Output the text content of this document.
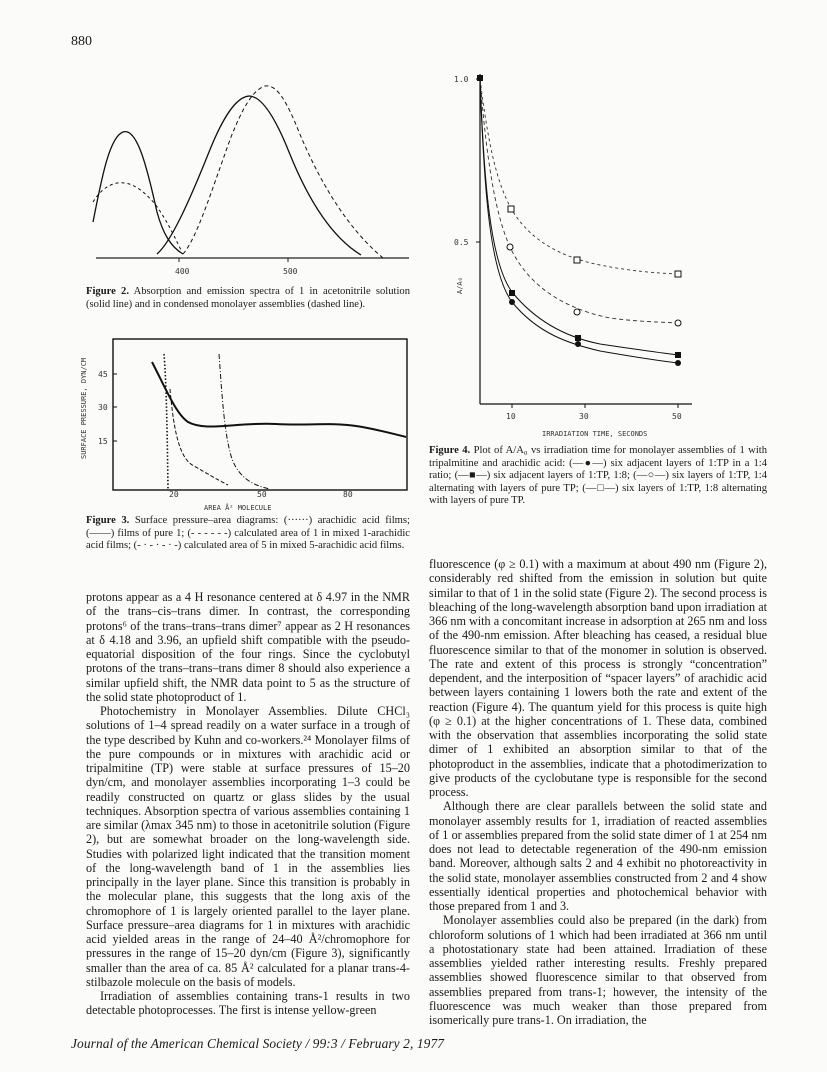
880
400	500
Figure 2. Absorption and emission spectra of 1 in acetonitrile solution (solid line) and in condensed monolayer assemblies (dashed line).
45
30
15
SURFACE PRESSURE, DYN/CM
20	50	80
AREA Å² MOLECULE
Figure 3. Surface pressure–area diagrams: (······) arachidic acid films; (——) films of pure 1; (- - - - - -) calculated area of 1 in mixed 1-arachidic acid films; (- · - · - · -) calculated area of 5 in mixed 5-arachidic acid films.
1.0
0.5
A/A₀
10	30	50
IRRADIATION TIME, SECONDS
Figure 4. Plot of A/A₀ vs irradiation time for monolayer assemblies of 1 with tripalmitine and arachidic acid: (—●—) six adjacent layers of 1:TP in a 1:4 ratio; (—■—) six adjacent layers of 1:TP, 1:8; (—○—) six layers of 1:TP, 1:4 alternating with layers of pure TP; (—□—) six layers of 1:TP, 1:8 alternating with layers of pure TP.

protons appear as a 4 H resonance centered at δ 4.97 in the NMR of the trans–cis–trans dimer. In contrast, the corresponding protons⁶ of the trans–trans–trans dimer⁷ appear as 2 H resonances at δ 4.18 and 3.96, an upfield shift compatible with the pseudo-equatorial disposition of the four rings. Since the cyclobutyl protons of the trans–trans–trans dimer 8 should also experience a similar upfield shift, the NMR data point to 5 as the structure of the solid state photoproduct of 1.

Photochemistry in Monolayer Assemblies. Dilute CHCl₃ solutions of 1–4 spread readily on a water surface in a trough of the type described by Kuhn and co-workers.²⁴ Monolayer films of the pure compounds or in mixtures with arachidic acid or tripalmitine (TP) were stable at surface pressures of 15–20 dyn/cm, and monolayer assemblies incorporating 1–3 could be readily constructed on quartz or glass slides by the usual techniques. Absorption spectra of various assemblies containing 1 are similar (λmax 345 nm) to those in acetonitrile solution (Figure 2), but are somewhat broader on the long-wavelength side. Studies with polarized light indicated that the transition moment of the long-wavelength band of 1 in the assemblies lies principally in the layer plane. Since this transition is probably in the molecular plane, this suggests that the long axis of the chromophore of 1 is largely oriented parallel to the layer plane. Surface pressure–area diagrams for 1 in mixtures with arachidic acid yielded areas in the range of 24–40 Å²/chromophore for pressures in the range of 15–20 dyn/cm (Figure 3), significantly smaller than the area of ca. 85 Å² calculated for a planar trans-4-stilbazole molecule on the basis of models.

Irradiation of assemblies containing trans-1 results in two detectable photoprocesses. The first is intense yellow-green

fluorescence (φ ≥ 0.1) with a maximum at about 490 nm (Figure 2), considerably red shifted from the emission in solution but quite similar to that of 1 in the solid state (Figure 2). The second process is bleaching of the long-wavelength absorption band upon irradiation at 366 nm with a concomitant increase in adsorption at 265 nm and loss of the 490-nm emission. After bleaching has ceased, a residual blue fluorescence similar to that of the monomer in solution is observed. The rate and extent of this process is strongly “concentration” dependent, and the interposition of “spacer layers” of arachidic acid between layers containing 1 lowers both the rate and extent of the reaction (Figure 4). The quantum yield for this process is quite high (φ ≥ 0.1) at the higher concentrations of 1. These data, combined with the observation that assemblies incorporating the solid state dimer of 1 exhibited an absorption similar to that of the photoproduct in the assemblies, indicate that a photodimerization to give products of the cyclobutane type is responsible for the second process.

Although there are clear parallels between the solid state and monolayer assembly results for 1, irradiation of reacted assemblies of 1 or assemblies prepared from the solid state dimer of 1 at 254 nm does not lead to detectable regeneration of the 490-nm emission band. Moreover, although salts 2 and 4 exhibit no photoreactivity in the solid state, monolayer assemblies constructed from 2 and 4 show essentially identical properties and photochemical behavior with those prepared from 1 and 3.

Monolayer assemblies could also be prepared (in the dark) from chloroform solutions of 1 which had been irradiated at 366 nm until a photostationary state had been attained. Irradiation of these assemblies yielded rather interesting results. Freshly prepared assemblies showed fluorescence similar to that observed from assemblies prepared from trans-1; however, the intensity of the fluorescence was much weaker than those prepared from isomerically pure trans-1. On irradiation, the

Journal of the American Chemical Society / 99:3 / February 2, 1977
